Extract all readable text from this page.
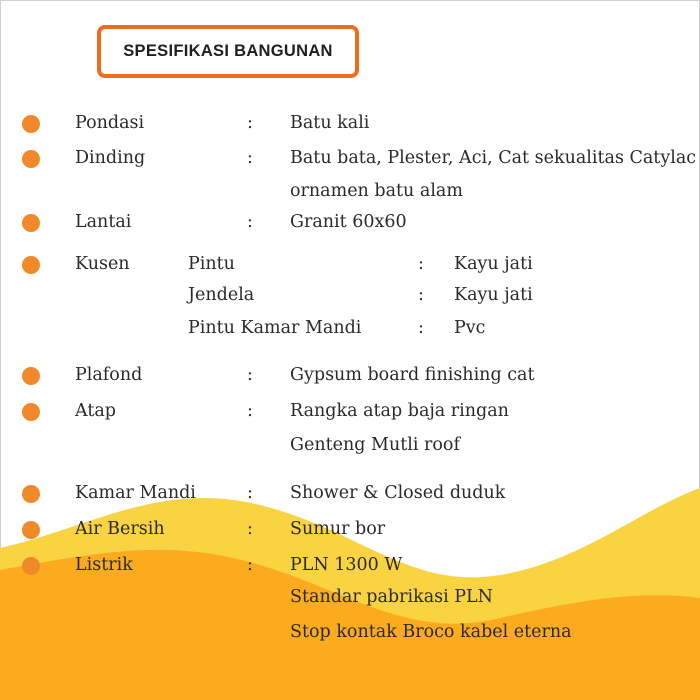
SPESIFIKASI BANGUNAN
Pondasi	: Batu kali
Dinding	: Batu bata, Plester, Aci, Cat sekualitas Catylac
ornamen batu alam
Lantai	: Granit 60x60
Kusen	Pintu	: Kayu jati
Jendela	: Kayu jati
Pintu Kamar Mandi	: Pvc
Plafond	: Gypsum board finishing cat
Atap	: Rangka atap baja ringan
Genteng Mutli roof
Kamar Mandi	: Shower & Closed duduk
Air Bersih	: Sumur bor
Listrik	: PLN 1300 W
Standar pabrikasi PLN
Stop kontak Broco kabel eterna
